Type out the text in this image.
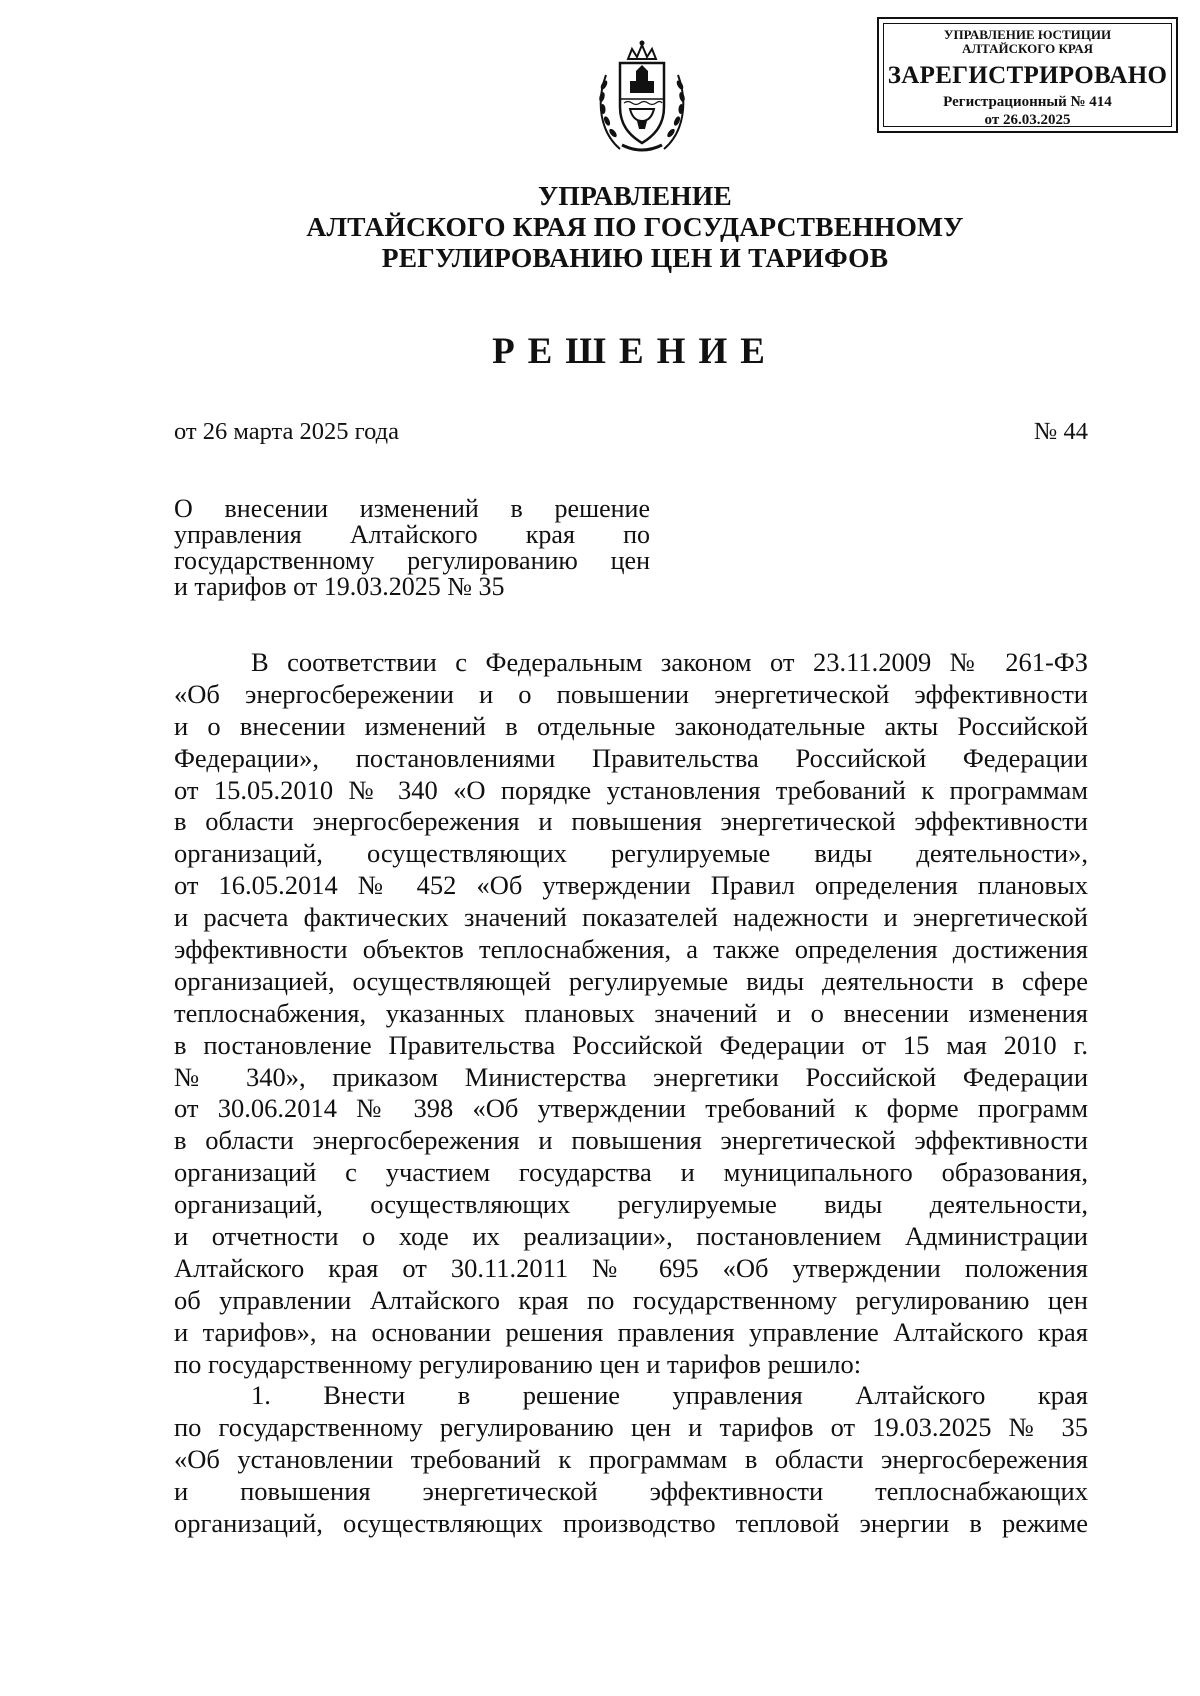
УПРАВЛЕНИЕ ЮСТИЦИИ
АЛТАЙСКОГО КРАЯ
ЗАРЕГИСТРИРОВАНО
Регистрационный № 414
от 26.03.2025
УПРАВЛЕНИЕ
АЛТАЙСКОГО КРАЯ ПО ГОСУДАРСТВЕННОМУ
РЕГУЛИРОВАНИЮ ЦЕН И ТАРИФОВ
РЕШЕНИЕ
от 26 марта 2025 года	№ 44
О внесении изменений в решение
управления Алтайского края по
государственному регулированию цен
и тарифов от 19.03.2025 № 35
В соответствии с Федеральным законом от 23.11.2009 № 261-ФЗ
«Об энергосбережении и о повышении энергетической эффективности
и о внесении изменений в отдельные законодательные акты Российской
Федерации», постановлениями Правительства Российской Федерации
от 15.05.2010 № 340 «О порядке установления требований к программам
в области энергосбережения и повышения энергетической эффективности
организаций, осуществляющих регулируемые виды деятельности»,
от 16.05.2014 № 452 «Об утверждении Правил определения плановых
и расчета фактических значений показателей надежности и энергетической
эффективности объектов теплоснабжения, а также определения достижения
организацией, осуществляющей регулируемые виды деятельности в сфере
теплоснабжения, указанных плановых значений и о внесении изменения
в постановление Правительства Российской Федерации от 15 мая 2010 г.
№ 340», приказом Министерства энергетики Российской Федерации
от 30.06.2014 № 398 «Об утверждении требований к форме программ
в области энергосбережения и повышения энергетической эффективности
организаций с участием государства и муниципального образования,
организаций, осуществляющих регулируемые виды деятельности,
и отчетности о ходе их реализации», постановлением Администрации
Алтайского края от 30.11.2011 № 695 «Об утверждении положения
об управлении Алтайского края по государственному регулированию цен
и тарифов», на основании решения правления управление Алтайского края
по государственному регулированию цен и тарифов решило:
1. Внести в решение управления Алтайского края
по государственному регулированию цен и тарифов от 19.03.2025 № 35
«Об установлении требований к программам в области энергосбережения
и повышения энергетической эффективности теплоснабжающих
организаций, осуществляющих производство тепловой энергии в режиме
